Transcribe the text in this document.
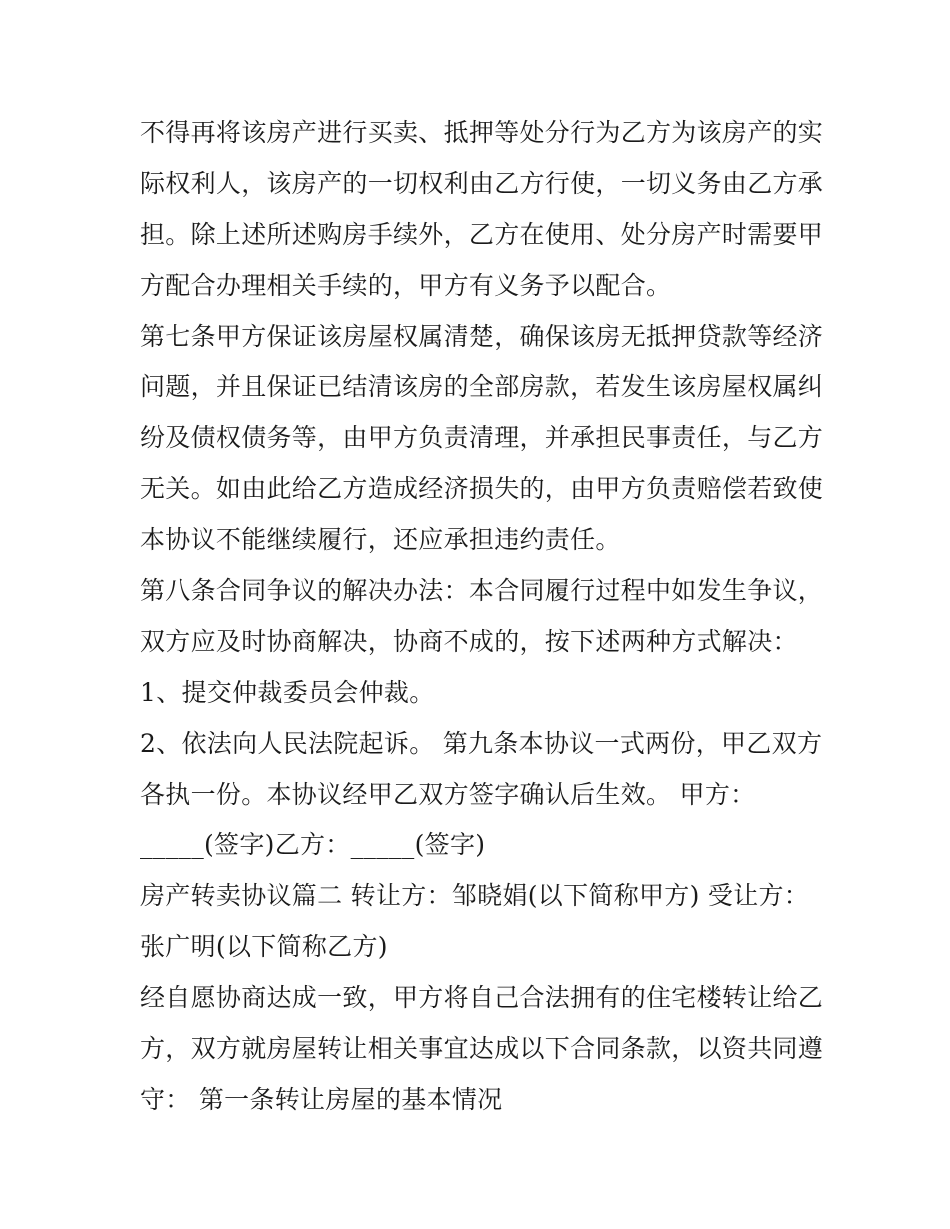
不得再将该房产进行买卖、抵押等处分行为乙方为该房产的实
际权利人，该房产的一切权利由乙方行使，一切义务由乙方承
担。除上述所述购房手续外，乙方在使用、处分房产时需要甲
方配合办理相关手续的，甲方有义务予以配合。
第七条甲方保证该房屋权属清楚，确保该房无抵押贷款等经济
问题，并且保证已结清该房的全部房款，若发生该房屋权属纠
纷及债权债务等，由甲方负责清理，并承担民事责任，与乙方
无关。如由此给乙方造成经济损失的，由甲方负责赔偿若致使
本协议不能继续履行，还应承担违约责任。
第八条合同争议的解决办法：本合同履行过程中如发生争议，
双方应及时协商解决，协商不成的，按下述两种方式解决：
1、提交仲裁委员会仲裁。
2、依法向人民法院起诉。 第九条本协议一式两份，甲乙双方
各执一份。本协议经甲乙双方签字确认后生效。 甲方：
_____(签字)乙方：_____(签字)
房产转卖协议篇二 转让方：邹晓娟(以下简称甲方) 受让方：
张广明(以下简称乙方)
经自愿协商达成一致，甲方将自己合法拥有的住宅楼转让给乙
方，双方就房屋转让相关事宜达成以下合同条款，以资共同遵
守： 第一条转让房屋的基本情况
